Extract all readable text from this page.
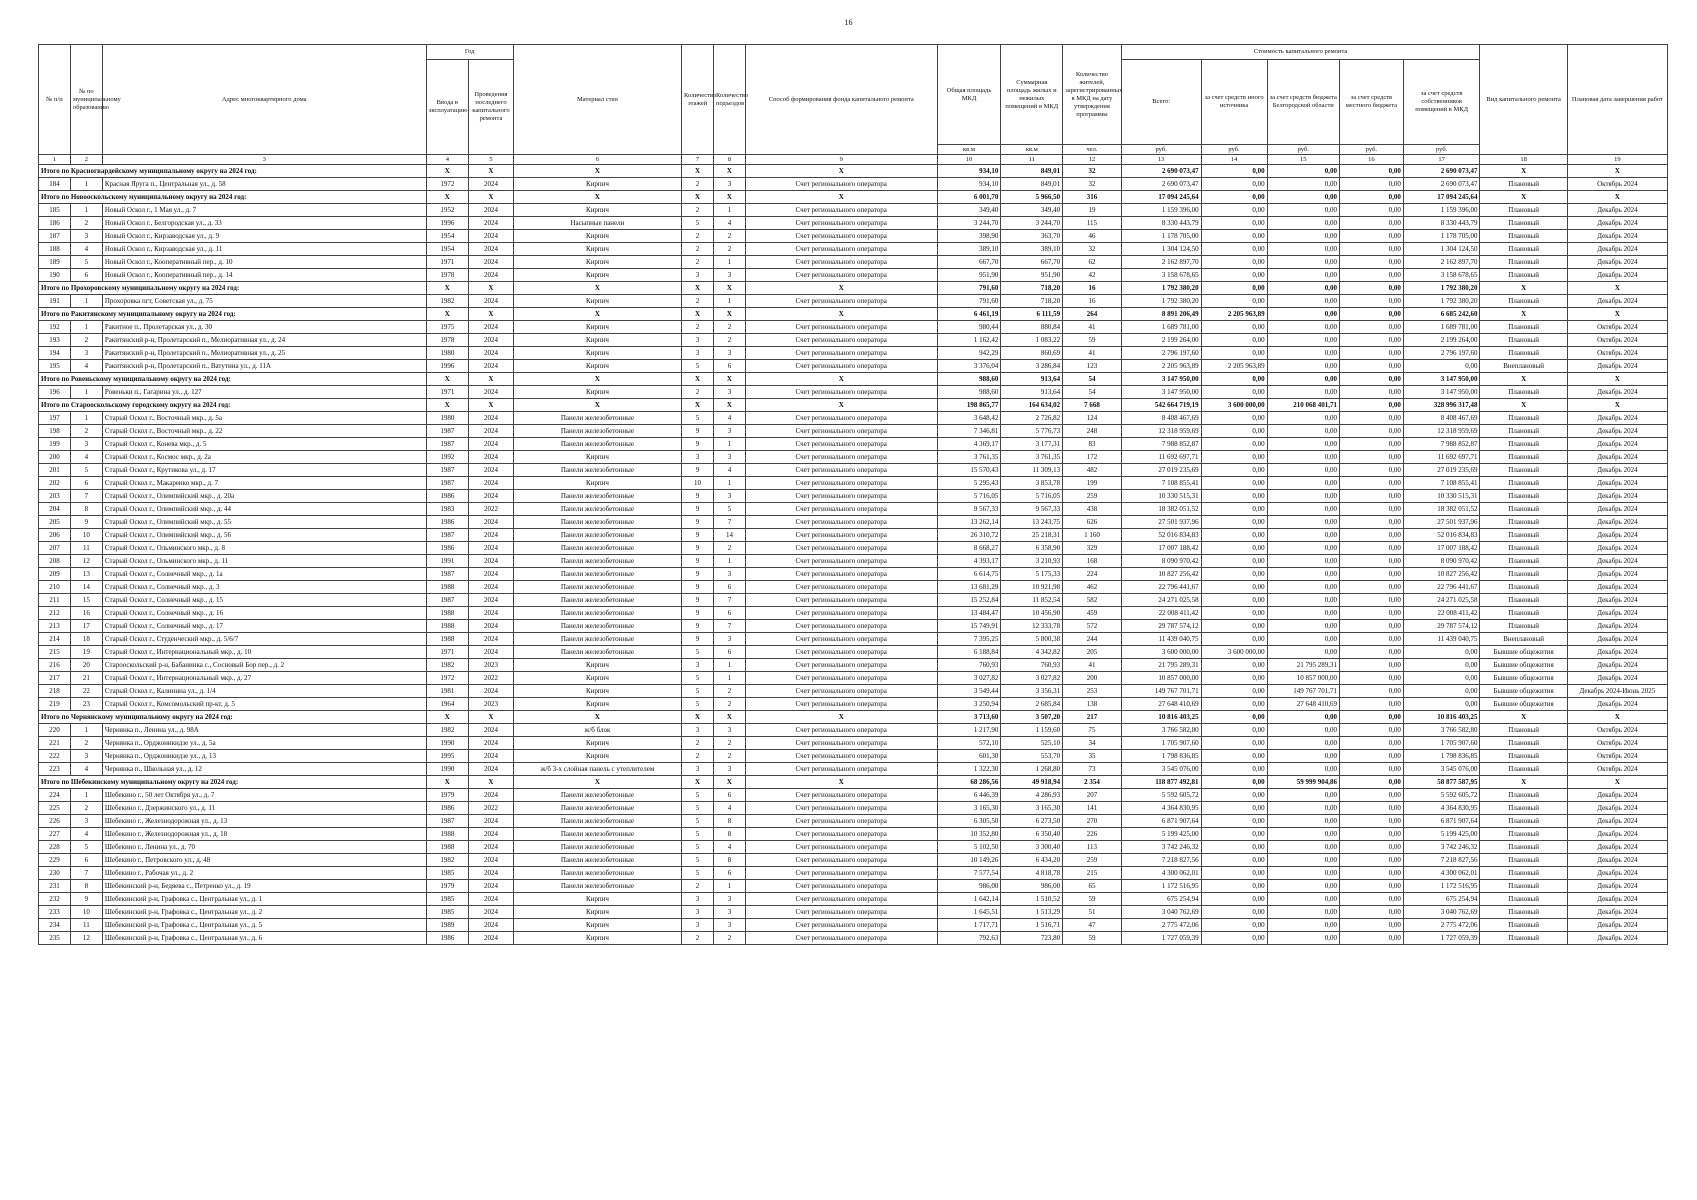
16
№ п/п	№ по муниципальному образованию	Адрес многоквартирного дома	Год		Материал стен	Количество этажей	Количество подъездов	Способ формирования фонда капитального ремонта	Общая площадь МКД	Суммарная площадь жилых и нежилых помещений в МКД	Количество жителей, зарегистрированных в МКД на дату утверждения программы	Стоимость капитального ремонта					Вид капитального ремонта	Плановая дата завершения работ
			Ввода в эксплуатацию	Проведения последнего капитального ремонта								Всего:	за счет средств иного источника	за счет средств бюджета Белгородской области	за счет средств местного бюджета	за счет средств собственников помещений в МКД		
									кв.м	кв.м	чел.	руб.	руб.	руб.	руб.	руб.		
1	2	3	4	5	6	7	8	9	10	11	12	13	14	15	16	17	18	19
Итого по Красногвардейскому муниципальному округу на 2024 год:			X	X	X	X	X	X	934,10	849,01	32	2 690 073,47	0,00	0,00	0,00	2 690 073,47	X	X
184	1	Красная Яруга п., Центральная ул., д. 58	1972	2024	Кирпич	2	3	Счет регионального оператора	934,10	849,01	32	2 690 073,47	0,00	0,00	0,00	2 690 073,47	Плановый	Октябрь 2024
Итого по Новооскольскому муниципальному округу на 2024 год:			X	X	X	X	X	X	6 001,70	5 966,50	316	17 094 245,64	0,00	0,00	0,00	17 094 245,64	X	X
185	1	Новый Оскол г., 1 Мая ул., д. 7	1952	2024	Кирпич	2	1	Счет регионального оператора	349,40	349,40	19	1 159 396,00	0,00	0,00	0,00	1 159 396,00	Плановый	Декабрь 2024
186	2	Новый Оскол г., Белгородская ул., д. 33	1996	2024	Насыпные панели	5	4	Счет регионального оператора	3 244,70	3 244,70	115	8 330 443,79	0,00	0,00	0,00	8 330 443,79	Плановый	Декабрь 2024
187	3	Новый Оскол г., Кирзаводская ул., д. 9	1954	2024	Кирпич	2	2	Счет регионального оператора	398,90	363,70	46	1 178 705,00	0,00	0,00	0,00	1 178 705,00	Плановый	Декабрь 2024
188	4	Новый Оскол г., Кирзаводская ул., д. 11	1954	2024	Кирпич	2	2	Счет регионального оператора	389,10	389,10	32	1 304 124,50	0,00	0,00	0,00	1 304 124,50	Плановый	Декабрь 2024
189	5	Новый Оскол г., Кооперативный пер., д. 10	1971	2024	Кирпич	2	1	Счет регионального оператора	667,70	667,70	62	2 162 897,70	0,00	0,00	0,00	2 162 897,70	Плановый	Декабрь 2024
190	6	Новый Оскол г., Кооперативный пер., д. 14	1978	2024	Кирпич	3	3	Счет регионального оператора	951,90	951,90	42	3 158 678,65	0,00	0,00	0,00	3 158 678,65	Плановый	Декабрь 2024
Итого по Прохоровскому муниципальному округу на 2024 год:			X	X	X	X	X	X	791,60	718,20	16	1 792 380,20	0,00	0,00	0,00	1 792 380,20	X	X
191	1	Прохоровка пгт, Советская ул., д. 75	1982	2024	Кирпич	2	1	Счет регионального оператора	791,60	718,20	16	1 792 380,20	0,00	0,00	0,00	1 792 380,20	Плановый	Декабрь 2024
Итого по Ракитянскому муниципальному округу на 2024 год:			X	X	X	X	X	X	6 461,19	6 111,59	264	8 891 206,49	2 205 963,89	0,00	0,00	6 685 242,60	X	X
192	1	Ракитное п., Пролетарская ул., д. 30	1975	2024	Кирпич	2	2	Счет регионального оператора	980,44	880,84	41	1 689 781,00	0,00	0,00	0,00	1 689 781,00	Плановый	Октябрь 2024
193	2	Ракитянский р-н, Пролетарский п., Мелиоративная ул., д. 24	1978	2024	Кирпич	3	2	Счет регионального оператора	1 162,42	1 083,22	59	2 199 264,00	0,00	0,00	0,00	2 199 264,00	Плановый	Октябрь 2024
194	3	Ракитянский р-н, Пролетарский п., Мелиоративная ул., д. 25	1980	2024	Кирпич	3	3	Счет регионального оператора	942,29	860,69	41	2 796 197,60	0,00	0,00	0,00	2 796 197,60	Плановый	Октябрь 2024
195	4	Ракитянский р-н, Пролетарский п., Ватутина ул., д. 11А	1996	2024	Кирпич	5	6	Счет регионального оператора	3 376,04	3 286,84	123	2 205 963,89	2 205 963,89	0,00	0,00	0,00	Внеплановый	Декабрь 2024
Итого по Ровеньскому муниципальному округу на 2024 год:			X	X	X	X	X	X	988,60	913,64	54	3 147 950,00	0,00	0,00	0,00	3 147 950,00	X	X
196	1	Ровеньки п., Гагарина ул., д. 127	1971	2024	Кирпич	2	3	Счет регионального оператора	988,60	913,64	54	3 147 950,00	0,00	0,00	0,00	3 147 950,00	Плановый	Декабрь 2024
Итого по Старооскольскому городскому округу на 2024 год:			X	X	X	X	X	X	198 865,77	164 634,02	7 668	542 664 719,19	3 600 000,00	210 068 401,71	0,00	328 996 317,48	X	X
197	1	Старый Оскол г., Восточный мкр., д. 5а	1980	2024	Панели железобетонные	5	4	Счет регионального оператора	3 648,42	2 726,82	124	8 408 467,69	0,00	0,00	0,00	8 408 467,69	Плановый	Декабрь 2024
198	2	Старый Оскол г., Восточный мкр., д. 22	1987	2024	Панели железобетонные	9	3	Счет регионального оператора	7 346,81	5 776,73	248	12 318 959,69	0,00	0,00	0,00	12 318 959,69	Плановый	Декабрь 2024
199	3	Старый Оскол г., Конева мкр., д. 5	1987	2024	Панели железобетонные	9	1	Счет регионального оператора	4 369,17	3 177,31	83	7 988 852,87	0,00	0,00	0,00	7 988 852,87	Плановый	Декабрь 2024
200	4	Старый Оскол г., Космос мкр., д. 2а	1992	2024	Кирпич	3	3	Счет регионального оператора	3 761,35	3 761,35	172	11 692 697,71	0,00	0,00	0,00	11 692 697,71	Плановый	Декабрь 2024
201	5	Старый Оскол г., Крутикова ул., д. 17	1987	2024	Панели железобетонные	9	4	Счет регионального оператора	15 570,43	11 309,13	482	27 019 235,69	0,00	0,00	0,00	27 019 235,69	Плановый	Декабрь 2024
202	6	Старый Оскол г., Макаренко мкр., д. 7	1987	2024	Кирпич	10	1	Счет регионального оператора	5 295,43	3 853,78	199	7 108 855,41	0,00	0,00	0,00	7 108 855,41	Плановый	Декабрь 2024
203	7	Старый Оскол г., Олимпийский мкр., д. 20а	1986	2024	Панели железобетонные	9	3	Счет регионального оператора	5 716,05	5 716,05	259	10 330 515,31	0,00	0,00	0,00	10 330 515,31	Плановый	Декабрь 2024
204	8	Старый Оскол г., Олимпийский мкр., д. 44	1983	2022	Панели железобетонные	9	5	Счет регионального оператора	9 567,33	9 567,33	438	18 382 051,52	0,00	0,00	0,00	18 382 051,52	Плановый	Декабрь 2024
205	9	Старый Оскол г., Олимпийский мкр., д. 55	1986	2024	Панели железобетонные	9	7	Счет регионального оператора	13 262,14	13 243,75	626	27 501 937,96	0,00	0,00	0,00	27 501 937,96	Плановый	Декабрь 2024
206	10	Старый Оскол г., Олимпийский мкр., д. 56	1987	2024	Панели железобетонные	9	14	Счет регионального оператора	26 310,72	25 218,31	1 160	52 016 834,83	0,00	0,00	0,00	52 016 834,83	Плановый	Декабрь 2024
207	11	Старый Оскол г., Ольминского мкр., д. 8	1986	2024	Панели железобетонные	9	2	Счет регионального оператора	8 668,27	6 358,90	329	17 007 188,42	0,00	0,00	0,00	17 007 188,42	Плановый	Декабрь 2024
208	12	Старый Оскол г., Ольминского мкр., д. 11	1991	2024	Панели железобетонные	9	1	Счет регионального оператора	4 393,17	3 210,93	168	8 090 970,42	0,00	0,00	0,00	8 090 970,42	Плановый	Декабрь 2024
209	13	Старый Оскол г., Солнечный мкр., д. 1а	1987	2024	Панели железобетонные	9	3	Счет регионального оператора	6 614,75	5 175,33	224	10 827 256,42	0,00	0,00	0,00	10 827 256,42	Плановый	Декабрь 2024
210	14	Старый Оскол г., Солнечный мкр., д. 3	1988	2024	Панели железобетонные	9	6	Счет регионального оператора	13 681,29	10 921,98	462	22 796 441,67	0,00	0,00	0,00	22 796 441,67	Плановый	Декабрь 2024
211	15	Старый Оскол г., Солнечный мкр., д. 15	1987	2024	Панели железобетонные	9	7	Счет регионального оператора	15 252,84	11 852,54	582	24 271 025,58	0,00	0,00	0,00	24 271 025,58	Плановый	Декабрь 2024
212	16	Старый Оскол г., Солнечный мкр., д. 16	1988	2024	Панели железобетонные	9	6	Счет регионального оператора	13 484,47	10 456,90	459	22 008 411,42	0,00	0,00	0,00	22 008 411,42	Плановый	Декабрь 2024
213	17	Старый Оскол г., Солнечный мкр., д. 17	1988	2024	Панели железобетонные	9	7	Счет регионального оператора	15 749,91	12 333,78	572	29 787 574,12	0,00	0,00	0,00	29 787 574,12	Плановый	Декабрь 2024
214	18	Старый Оскол г., Студенческий мкр., д. 5/6/7	1988	2024	Панели железобетонные	9	3	Счет регионального оператора	7 395,25	5 800,38	244	11 439 040,75	0,00	0,00	0,00	11 439 040,75	Внеплановый	Декабрь 2024
215	19	Старый Оскол г., Интернациональный мкр., д. 10	1971	2024	Панели железобетонные	5	6	Счет регионального оператора	6 188,84	4 342,82	205	3 600 000,00	3 600 000,00	0,00	0,00	0,00	Бывшие общежития	Декабрь 2024
216	20	Старооскольский р-н, Бабанинка с., Сосновый Бор пер., д. 2	1982	2023	Кирпич	3	1	Счет регионального оператора	760,93	760,93	41	21 795 289,31	0,00	21 795 289,31	0,00	0,00	Бывшие общежития	Декабрь 2024
217	21	Старый Оскол г., Интернациональный мкр., д. 27	1972	2022	Кирпич	5	1	Счет регионального оператора	3 027,82	3 027,82	200	10 857 000,00	0,00	10 857 000,00	0,00	0,00	Бывшие общежития	Декабрь 2024
218	22	Старый Оскол г., Калинина ул., д. 1/4	1981	2024	Кирпич	5	2	Счет регионального оператора	3 549,44	3 356,31	253	149 767 701,71	0,00	149 767 701,71	0,00	0,00	Бывшие общежития	Декабрь 2024-Июнь 2025
219	23	Старый Оскол г., Комсомольский пр-кт, д. 5	1964	2023	Кирпич	5	2	Счет регионального оператора	3 250,94	2 685,84	138	27 648 410,69	0,00	27 648 410,69	0,00	0,00	Бывшие общежития	Декабрь 2024
Итого по Чернянскому муниципальному округу на 2024 год:			X	X	X	X	X	X	3 713,60	3 507,20	217	10 816 403,25	0,00	0,00	0,00	10 816 403,25	X	X
220	1	Чернянка п., Ленина ул., д. 98А	1982	2024	ж/б блок	3	3	Счет регионального оператора	1 217,90	1 159,60	75	3 766 582,80	0,00	0,00	0,00	3 766 582,80	Плановый	Октябрь 2024
221	2	Чернянка п., Орджоникидзе ул., д. 5а	1990	2024	Кирпич	2	2	Счет регионального оператора	572,10	525,10	34	1 705 907,60	0,00	0,00	0,00	1 705 907,60	Плановый	Октябрь 2024
222	3	Чернянка п., Орджоникидзе ул., д. 13	1995	2024	Кирпич	2	2	Счет регионального оператора	601,30	553,70	35	1 798 836,85	0,00	0,00	0,00	1 798 836,85	Плановый	Октябрь 2024
223	4	Чернянка п., Школьная ул., д. 12	1990	2024	ж/б 3-х слойная панель с утеплителем	3	3	Счет регионального оператора	1 322,30	1 268,80	73	3 545 076,00	0,00	0,00	0,00	3 545 076,00	Плановый	Октябрь 2024
Итого по Шебекинскому муниципальному округу на 2024 год:			X	X	X	X	X	X	68 286,56	49 918,94	2 354	118 877 492,81	0,00	59 999 904,86	0,00	58 877 587,95	X	X
224	1	Шебекино г., 50 лет Октября ул., д. 7	1979	2024	Панели железобетонные	5	6	Счет регионального оператора	6 446,39	4 286,93	207	5 592 605,72	0,00	0,00	0,00	5 592 605,72	Плановый	Декабрь 2024
225	2	Шебекино г., Дзержинского ул., д. 11	1986	2022	Панели железобетонные	5	4	Счет регионального оператора	3 165,30	3 165,30	141	4 364 830,95	0,00	0,00	0,00	4 364 830,95	Плановый	Декабрь 2024
226	3	Шебекино г., Железнодорожная ул., д. 13	1987	2024	Панели железобетонные	5	8	Счет регионального оператора	6 305,50	6 273,50	270	6 871 907,64	0,00	0,00	0,00	6 871 907,64	Плановый	Декабрь 2024
227	4	Шебекино г., Железнодорожная ул., д. 18	1988	2024	Панели железобетонные	5	8	Счет регионального оператора	10 352,80	6 350,40	226	5 199 425,00	0,00	0,00	0,00	5 199 425,00	Плановый	Декабрь 2024
228	5	Шебекино г., Ленина ул., д. 70	1988	2024	Панели железобетонные	5	4	Счет регионального оператора	5 102,50	3 300,40	113	3 742 246,32	0,00	0,00	0,00	3 742 246,32	Плановый	Декабрь 2024
229	6	Шебекино г., Петровского ул., д. 48	1982	2024	Панели железобетонные	5	8	Счет регионального оператора	10 149,26	6 434,20	259	7 218 827,56	0,00	0,00	0,00	7 218 827,56	Плановый	Декабрь 2024
230	7	Шебекино г., Рабочая ул., д. 2	1985	2024	Панели железобетонные	5	6	Счет регионального оператора	7 577,54	4 818,78	215	4 300 062,01	0,00	0,00	0,00	4 300 062,01	Плановый	Декабрь 2024
231	8	Шебекинский р-н, Бедяева с., Петренко ул., д. 19	1979	2024	Панели железобетонные	2	1	Счет регионального оператора	986,00	986,00	65	1 172 516,95	0,00	0,00	0,00	1 172 516,95	Плановый	Декабрь 2024
232	9	Шебекинский р-н, Графовка с., Центральная ул., д. 1	1985	2024	Кирпич	3	3	Счет регионального оператора	1 642,14	1 510,52	59	675 254,94	0,00	0,00	0,00	675 254,94	Плановый	Декабрь 2024
233	10	Шебекинский р-н, Графовка с., Центральная ул., д. 2	1985	2024	Кирпич	3	3	Счет регионального оператора	1 645,51	1 513,29	51	3 040 762,69	0,00	0,00	0,00	3 040 762,69	Плановый	Декабрь 2024
234	11	Шебекинский р-н, Графовка с., Центральная ул., д. 5	1989	2024	Кирпич	3	3	Счет регионального оператора	1 717,71	1 516,71	47	2 775 472,06	0,00	0,00	0,00	2 775 472,06	Плановый	Декабрь 2024
235	12	Шебекинский р-н, Графовка с., Центральная ул., д. 6	1986	2024	Кирпич	2	2	Счет регионального оператора	792,63	723,80	59	1 727 059,39	0,00	0,00	0,00	1 727 059,39	Плановый	Декабрь 2024
